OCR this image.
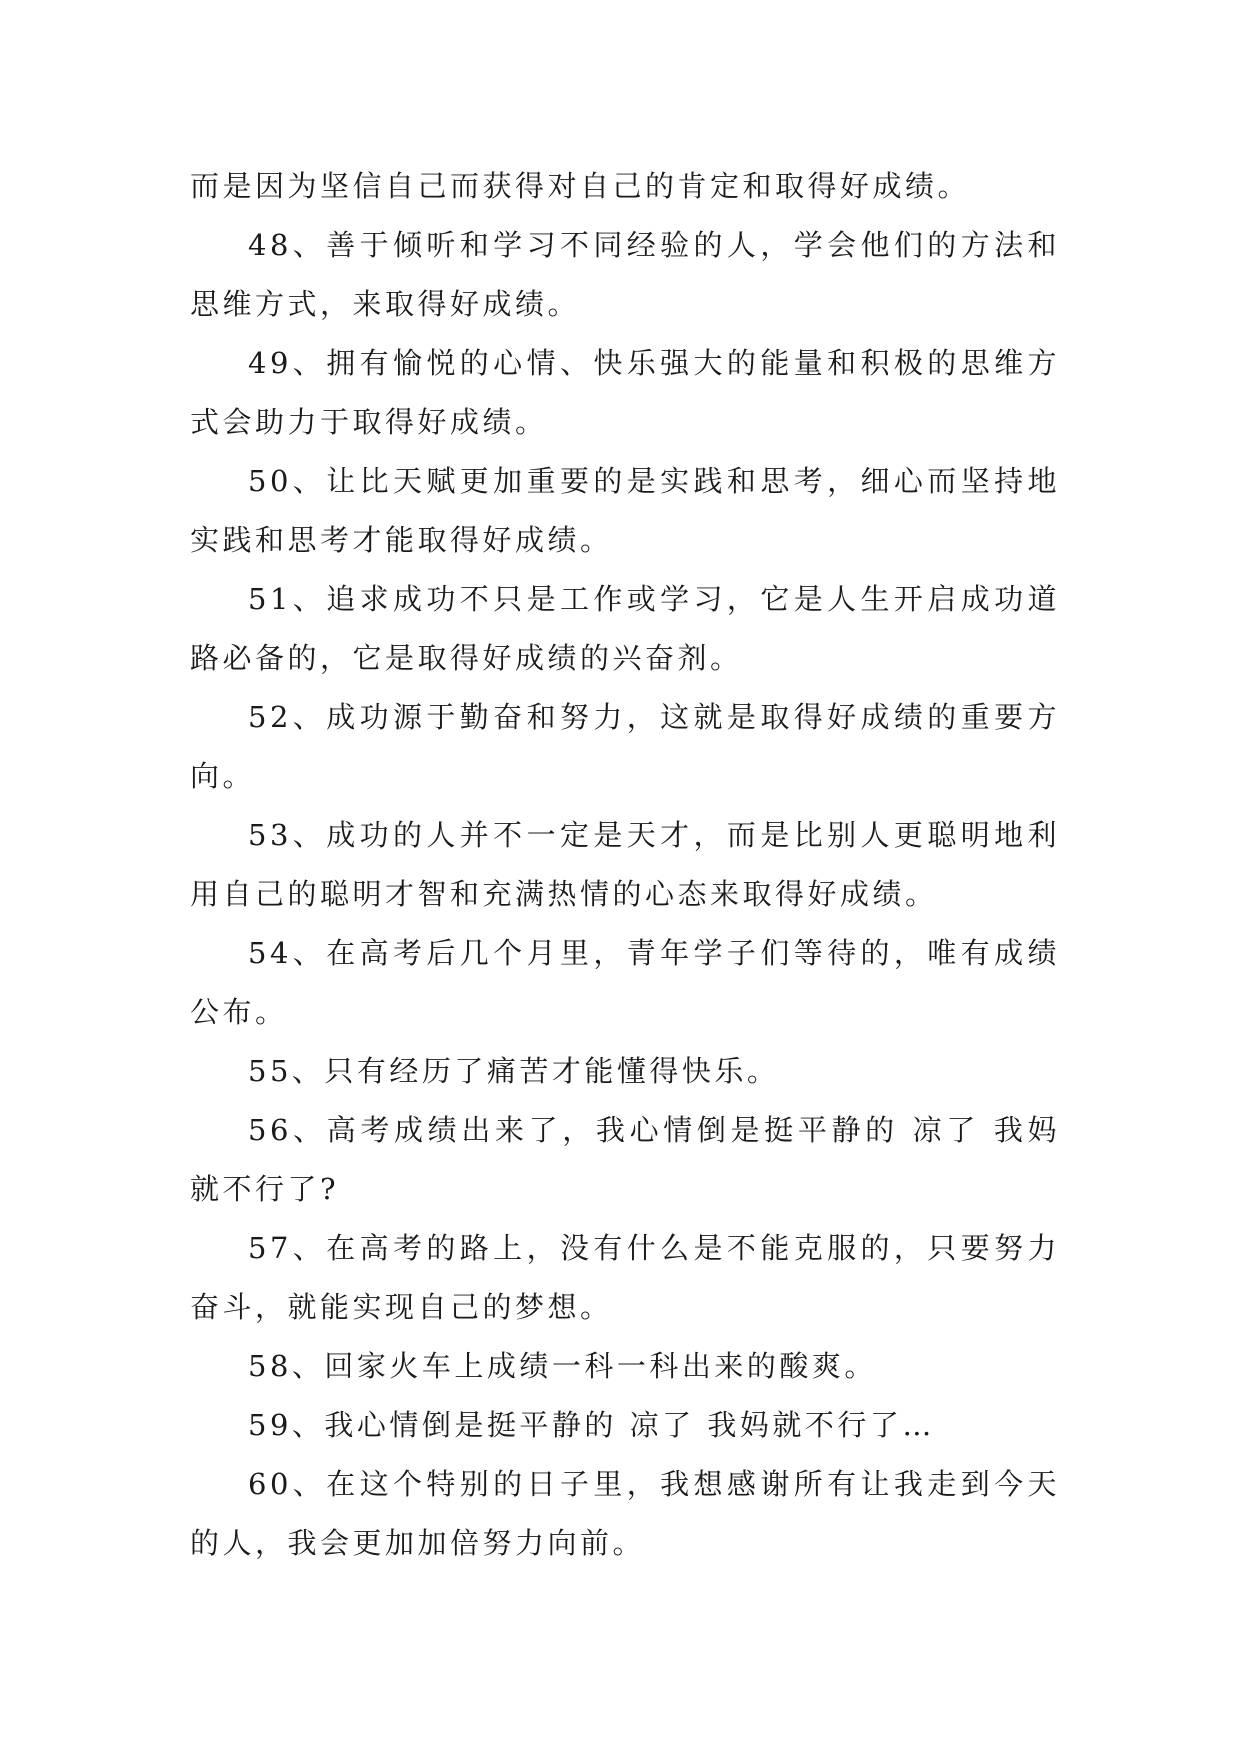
而是因为坚信自己而获得对自己的肯定和取得好成绩。

48、善于倾听和学习不同经验的人，学会他们的方法和思维方式，来取得好成绩。

49、拥有愉悦的心情、快乐强大的能量和积极的思维方式会助力于取得好成绩。

50、让比天赋更加重要的是实践和思考，细心而坚持地实践和思考才能取得好成绩。

51、追求成功不只是工作或学习，它是人生开启成功道路必备的，它是取得好成绩的兴奋剂。

52、成功源于勤奋和努力，这就是取得好成绩的重要方向。

53、成功的人并不一定是天才，而是比别人更聪明地利用自己的聪明才智和充满热情的心态来取得好成绩。

54、在高考后几个月里，青年学子们等待的，唯有成绩公布。

55、只有经历了痛苦才能懂得快乐。

56、高考成绩出来了，我心情倒是挺平静的 凉了 我妈就不行了?

57、在高考的路上，没有什么是不能克服的，只要努力奋斗，就能实现自己的梦想。

58、回家火车上成绩一科一科出来的酸爽。

59、我心情倒是挺平静的 凉了 我妈就不行了…

60、在这个特别的日子里，我想感谢所有让我走到今天的人，我会更加加倍努力向前。
